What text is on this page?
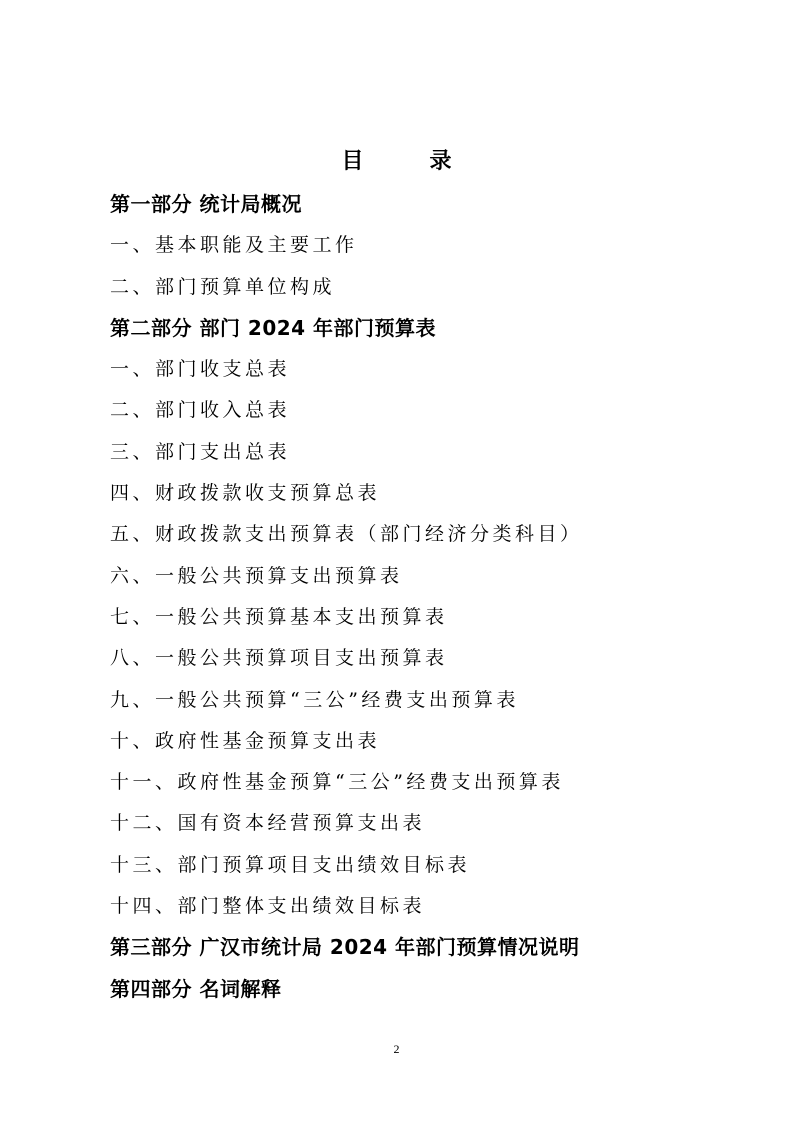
目　录
第一部分 统计局概况
一、基本职能及主要工作
二、部门预算单位构成
第二部分 部门 2024 年部门预算表
一、部门收支总表
二、部门收入总表
三、部门支出总表
四、财政拨款收支预算总表
五、财政拨款支出预算表（部门经济分类科目）
六、一般公共预算支出预算表
七、一般公共预算基本支出预算表
八、一般公共预算项目支出预算表
九、一般公共预算“三公”经费支出预算表
十、政府性基金预算支出表
十一、政府性基金预算“三公”经费支出预算表
十二、国有资本经营预算支出表
十三、部门预算项目支出绩效目标表
十四、部门整体支出绩效目标表
第三部分 广汉市统计局 2024 年部门预算情况说明
第四部分 名词解释
2
